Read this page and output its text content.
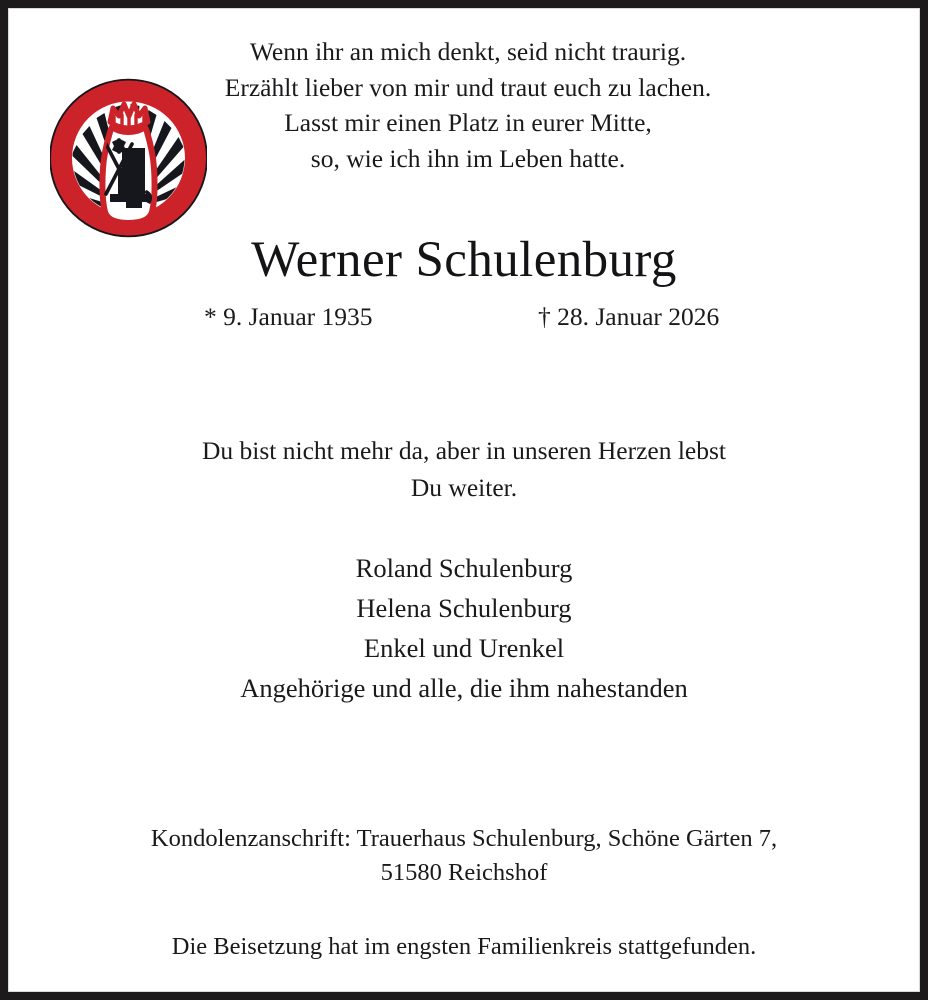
Wenn ihr an mich denkt, seid nicht traurig.
Erzählt lieber von mir und traut euch zu lachen.
Lasst mir einen Platz in eurer Mitte,
so, wie ich ihn im Leben hatte.
Werner Schulenburg
* 9. Januar 1935	† 28. Januar 2026
Du bist nicht mehr da, aber in unseren Herzen lebst
Du weiter.
Roland Schulenburg
Helena Schulenburg
Enkel und Urenkel
Angehörige und alle, die ihm nahestanden
Kondolenzanschrift: Trauerhaus Schulenburg, Schöne Gärten 7,
51580 Reichshof
Die Beisetzung hat im engsten Familienkreis stattgefunden.
